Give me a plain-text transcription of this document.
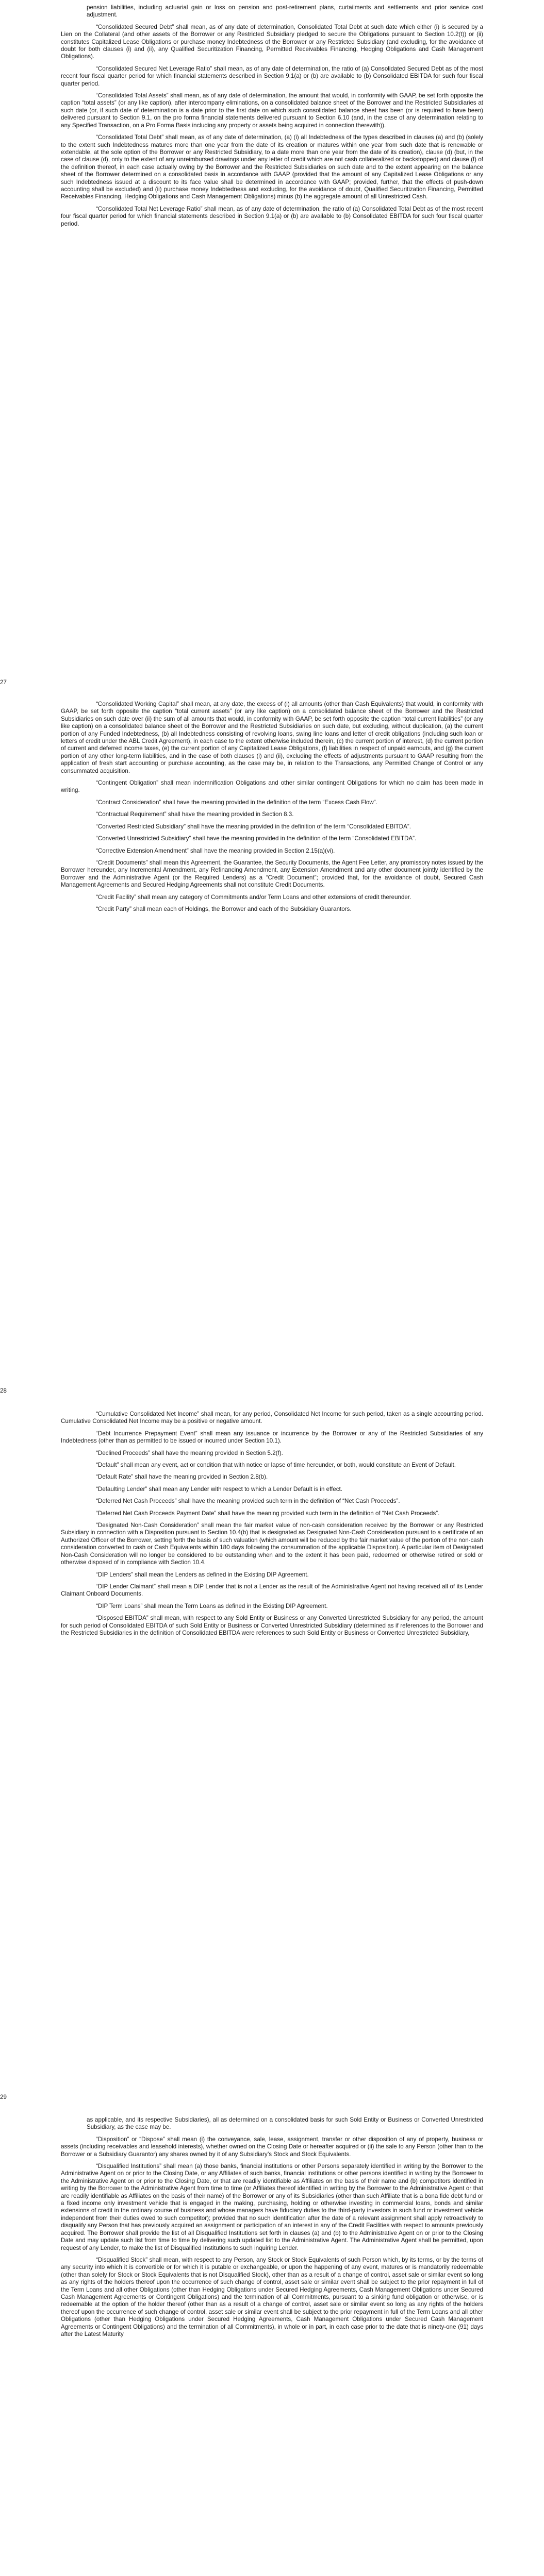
pension liabilities, including actuarial gain or loss on pension and post-retirement plans, curtailments and settlements and prior service cost adjustment.

“Consolidated Secured Debt” shall mean, as of any date of determination, Consolidated Total Debt at such date which either (i) is secured by a Lien on the Collateral (and other assets of the Borrower or any Restricted Subsidiary pledged to secure the Obligations pursuant to Section 10.2(t)) or (ii) constitutes Capitalized Lease Obligations or purchase money Indebtedness of the Borrower or any Restricted Subsidiary (and excluding, for the avoidance of doubt for both clauses (i) and (ii), any Qualified Securitization Financing, Permitted Receivables Financing, Hedging Obligations and Cash Management Obligations).

“Consolidated Secured Net Leverage Ratio” shall mean, as of any date of determination, the ratio of (a) Consolidated Secured Debt as of the most recent four fiscal quarter period for which financial statements described in Section 9.1(a) or (b) are available to (b) Consolidated EBITDA for such four fiscal quarter period.

“Consolidated Total Assets” shall mean, as of any date of determination, the amount that would, in conformity with GAAP, be set forth opposite the caption “total assets” (or any like caption), after intercompany eliminations, on a consolidated balance sheet of the Borrower and the Restricted Subsidiaries at such date (or, if such date of determination is a date prior to the first date on which such consolidated balance sheet has been (or is required to have been) delivered pursuant to Section 9.1, on the pro forma financial statements delivered pursuant to Section 6.10 (and, in the case of any determination relating to any Specified Transaction, on a Pro Forma Basis including any property or assets being acquired in connection therewith)).

“Consolidated Total Debt” shall mean, as of any date of determination, (a) (i) all Indebtedness of the types described in clauses (a) and (b) (solely to the extent such Indebtedness matures more than one year from the date of its creation or matures within one year from such date that is renewable or extendable, at the sole option of the Borrower or any Restricted Subsidiary, to a date more than one year from the date of its creation), clause (d) (but, in the case of clause (d), only to the extent of any unreimbursed drawings under any letter of credit which are not cash collateralized or backstopped) and clause (f) of the definition thereof, in each case actually owing by the Borrower and the Restricted Subsidiaries on such date and to the extent appearing on the balance sheet of the Borrower determined on a consolidated basis in accordance with GAAP (provided that the amount of any Capitalized Lease Obligations or any such Indebtedness issued at a discount to its face value shall be determined in accordance with GAAP; provided, further, that the effects of push-down accounting shall be excluded) and (ii) purchase money Indebtedness and excluding, for the avoidance of doubt, Qualified Securitization Financing, Permitted Receivables Financing, Hedging Obligations and Cash Management Obligations) minus (b) the aggregate amount of all Unrestricted Cash.

“Consolidated Total Net Leverage Ratio” shall mean, as of any date of determination, the ratio of (a) Consolidated Total Debt as of the most recent four fiscal quarter period for which financial statements described in Section 9.1(a) or (b) are available to (b) Consolidated EBITDA for such four fiscal quarter period.

27

“Consolidated Working Capital” shall mean, at any date, the excess of (i) all amounts (other than Cash Equivalents) that would, in conformity with GAAP, be set forth opposite the caption “total current assets” (or any like caption) on a consolidated balance sheet of the Borrower and the Restricted Subsidiaries on such date over (ii) the sum of all amounts that would, in conformity with GAAP, be set forth opposite the caption “total current liabilities” (or any like caption) on a consolidated balance sheet of the Borrower and the Restricted Subsidiaries on such date, but excluding, without duplication, (a) the current portion of any Funded Indebtedness, (b) all Indebtedness consisting of revolving loans, swing line loans and letter of credit obligations (including such loan or letters of credit under the ABL Credit Agreement), in each case to the extent otherwise included therein, (c) the current portion of interest, (d) the current portion of current and deferred income taxes, (e) the current portion of any Capitalized Lease Obligations, (f) liabilities in respect of unpaid earnouts, and (g) the current portion of any other long-term liabilities, and in the case of both clauses (i) and (ii), excluding the effects of adjustments pursuant to GAAP resulting from the application of fresh start accounting or purchase accounting, as the case may be, in relation to the Transactions, any Permitted Change of Control or any consummated acquisition.

“Contingent Obligation” shall mean indemnification Obligations and other similar contingent Obligations for which no claim has been made in writing.

“Contract Consideration” shall have the meaning provided in the definition of the term “Excess Cash Flow”.

“Contractual Requirement” shall have the meaning provided in Section 8.3.

“Converted Restricted Subsidiary” shall have the meaning provided in the definition of the term “Consolidated EBITDA”.

“Converted Unrestricted Subsidiary” shall have the meaning provided in the definition of the term “Consolidated EBITDA”.

“Corrective Extension Amendment” shall have the meaning provided in Section 2.15(a)(vi).

“Credit Documents” shall mean this Agreement, the Guarantee, the Security Documents, the Agent Fee Letter, any promissory notes issued by the Borrower hereunder, any Incremental Amendment, any Refinancing Amendment, any Extension Amendment and any other document jointly identified by the Borrower and the Administrative Agent (or the Required Lenders) as a “Credit Document”; provided that, for the avoidance of doubt, Secured Cash Management Agreements and Secured Hedging Agreements shall not constitute Credit Documents.

“Credit Facility” shall mean any category of Commitments and/or Term Loans and other extensions of credit thereunder.

“Credit Party” shall mean each of Holdings, the Borrower and each of the Subsidiary Guarantors.

28

“Cumulative Consolidated Net Income” shall mean, for any period, Consolidated Net Income for such period, taken as a single accounting period. Cumulative Consolidated Net Income may be a positive or negative amount.

“Debt Incurrence Prepayment Event” shall mean any issuance or incurrence by the Borrower or any of the Restricted Subsidiaries of any Indebtedness (other than as permitted to be issued or incurred under Section 10.1).

“Declined Proceeds” shall have the meaning provided in Section 5.2(f).

“Default” shall mean any event, act or condition that with notice or lapse of time hereunder, or both, would constitute an Event of Default.

“Default Rate” shall have the meaning provided in Section 2.8(b).

“Defaulting Lender” shall mean any Lender with respect to which a Lender Default is in effect.

“Deferred Net Cash Proceeds” shall have the meaning provided such term in the definition of “Net Cash Proceeds”.

“Deferred Net Cash Proceeds Payment Date” shall have the meaning provided such term in the definition of “Net Cash Proceeds”.

“Designated Non-Cash Consideration” shall mean the fair market value of non-cash consideration received by the Borrower or any Restricted Subsidiary in connection with a Disposition pursuant to Section 10.4(b) that is designated as Designated Non-Cash Consideration pursuant to a certificate of an Authorized Officer of the Borrower, setting forth the basis of such valuation (which amount will be reduced by the fair market value of the portion of the non-cash consideration converted to cash or Cash Equivalents within 180 days following the consummation of the applicable Disposition). A particular item of Designated Non-Cash Consideration will no longer be considered to be outstanding when and to the extent it has been paid, redeemed or otherwise retired or sold or otherwise disposed of in compliance with Section 10.4.

“DIP Lenders” shall mean the Lenders as defined in the Existing DIP Agreement.

“DIP Lender Claimant” shall mean a DIP Lender that is not a Lender as the result of the Administrative Agent not having received all of its Lender Claimant Onboard Documents.

“DIP Term Loans” shall mean the Term Loans as defined in the Existing DIP Agreement.

“Disposed EBITDA” shall mean, with respect to any Sold Entity or Business or any Converted Unrestricted Subsidiary for any period, the amount for such period of Consolidated EBITDA of such Sold Entity or Business or Converted Unrestricted Subsidiary (determined as if references to the Borrower and the Restricted Subsidiaries in the definition of Consolidated EBITDA were references to such Sold Entity or Business or Converted Unrestricted Subsidiary,

29

as applicable, and its respective Subsidiaries), all as determined on a consolidated basis for such Sold Entity or Business or Converted Unrestricted Subsidiary, as the case may be.

“Disposition” or “Dispose” shall mean (i) the conveyance, sale, lease, assignment, transfer or other disposition of any of property, business or assets (including receivables and leasehold interests), whether owned on the Closing Date or hereafter acquired or (ii) the sale to any Person (other than to the Borrower or a Subsidiary Guarantor) any shares owned by it of any Subsidiary’s Stock and Stock Equivalents.

“Disqualified Institutions” shall mean (a) those banks, financial institutions or other Persons separately identified in writing by the Borrower to the Administrative Agent on or prior to the Closing Date, or any Affiliates of such banks, financial institutions or other persons identified in writing by the Borrower to the Administrative Agent on or prior to the Closing Date, or that are readily identifiable as Affiliates on the basis of their name and (b) competitors identified in writing by the Borrower to the Administrative Agent from time to time (or Affiliates thereof identified in writing by the Borrower to the Administrative Agent or that are readily identifiable as Affiliates on the basis of their name) of the Borrower or any of its Subsidiaries (other than such Affiliate that is a bona fide debt fund or a fixed income only investment vehicle that is engaged in the making, purchasing, holding or otherwise investing in commercial loans, bonds and similar extensions of credit in the ordinary course of business and whose managers have fiduciary duties to the third-party investors in such fund or investment vehicle independent from their duties owed to such competitor); provided that no such identification after the date of a relevant assignment shall apply retroactively to disqualify any Person that has previously acquired an assignment or participation of an interest in any of the Credit Facilities with respect to amounts previously acquired. The Borrower shall provide the list of all Disqualified Institutions set forth in clauses (a) and (b) to the Administrative Agent on or prior to the Closing Date and may update such list from time to time by delivering such updated list to the Administrative Agent. The Administrative Agent shall be permitted, upon request of any Lender, to make the list of Disqualified Institutions to such inquiring Lender.

“Disqualified Stock” shall mean, with respect to any Person, any Stock or Stock Equivalents of such Person which, by its terms, or by the terms of any security into which it is convertible or for which it is putable or exchangeable, or upon the happening of any event, matures or is mandatorily redeemable (other than solely for Stock or Stock Equivalents that is not Disqualified Stock), other than as a result of a change of control, asset sale or similar event so long as any rights of the holders thereof upon the occurrence of such change of control, asset sale or similar event shall be subject to the prior repayment in full of the Term Loans and all other Obligations (other than Hedging Obligations under Secured Hedging Agreements, Cash Management Obligations under Secured Cash Management Agreements or Contingent Obligations) and the termination of all Commitments, pursuant to a sinking fund obligation or otherwise, or is redeemable at the option of the holder thereof (other than as a result of a change of control, asset sale or similar event so long as any rights of the holders thereof upon the occurrence of such change of control, asset sale or similar event shall be subject to the prior repayment in full of the Term Loans and all other Obligations (other than Hedging Obligations under Secured Hedging Agreements, Cash Management Obligations under Secured Cash Management Agreements or Contingent Obligations) and the termination of all Commitments), in whole or in part, in each case prior to the date that is ninety-one (91) days after the Latest Maturity
